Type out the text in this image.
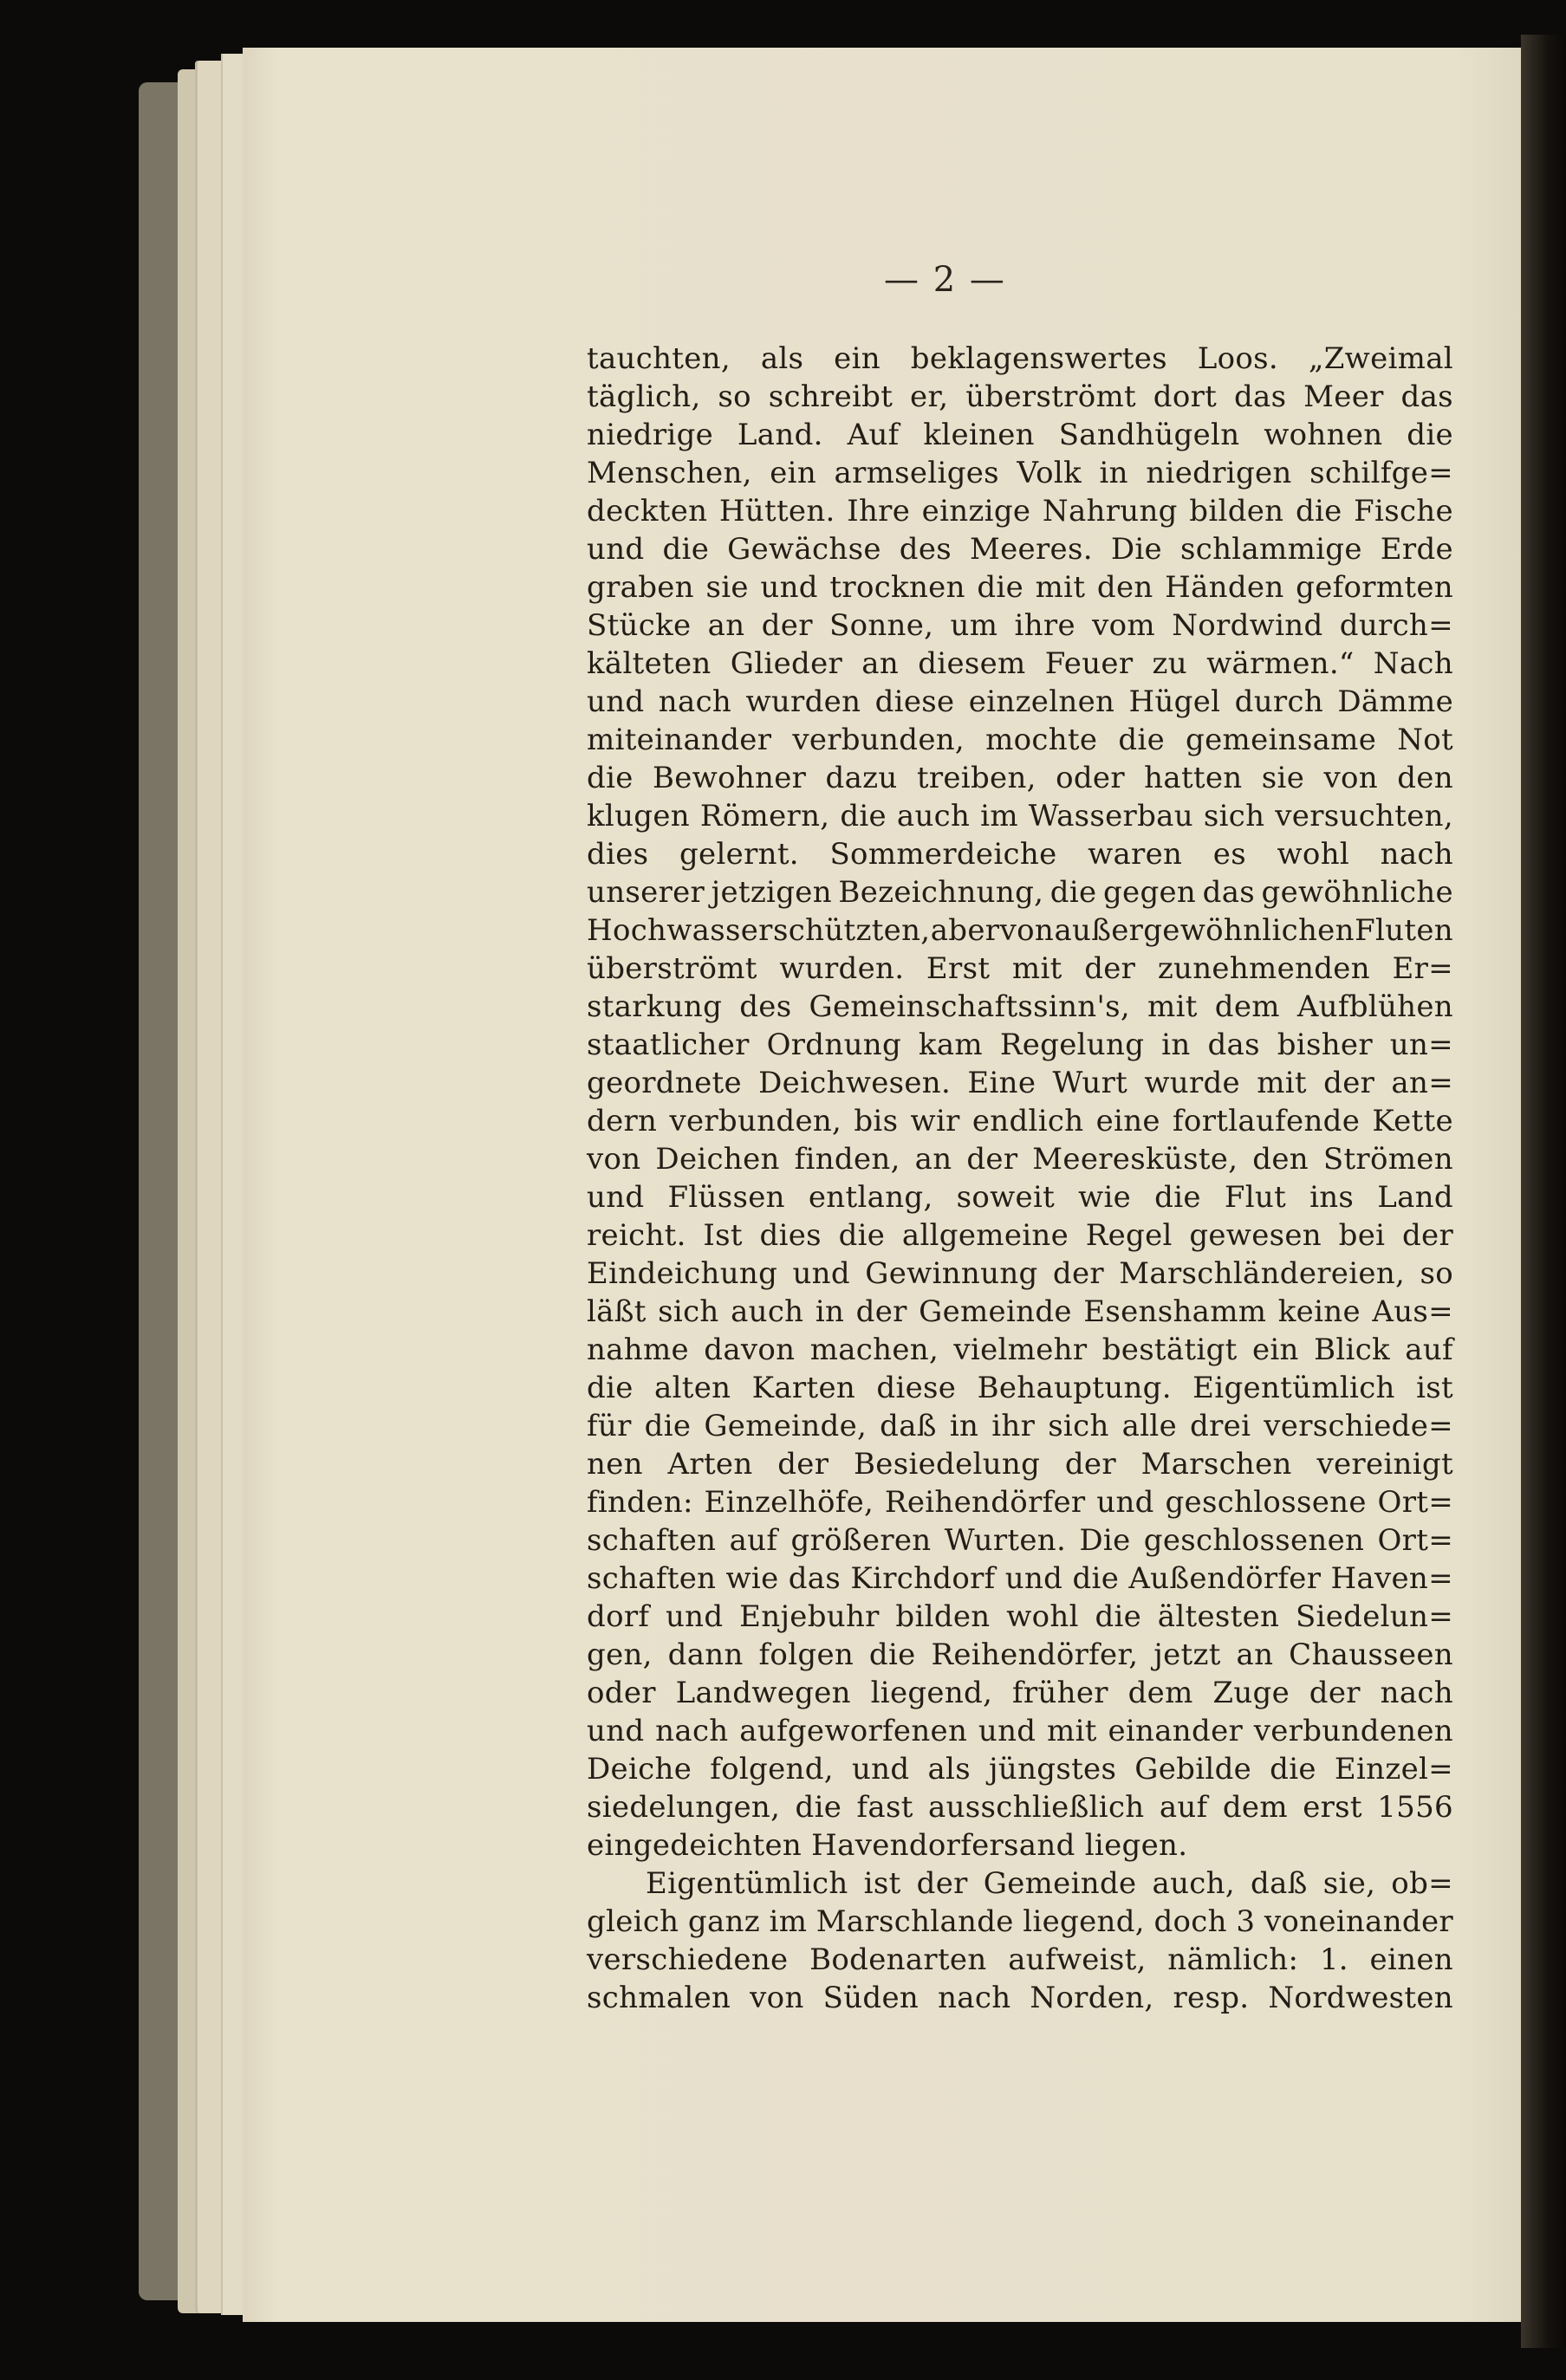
— 2 —
tauchten, als ein beklagenswertes Loos. „Zweimal
täglich, so schreibt er, überströmt dort das Meer das
niedrige Land. Auf kleinen Sandhügeln wohnen die
Menschen, ein armseliges Volk in niedrigen schilfge=
deckten Hütten. Ihre einzige Nahrung bilden die Fische
und die Gewächse des Meeres. Die schlammige Erde
graben sie und trocknen die mit den Händen geformten
Stücke an der Sonne, um ihre vom Nordwind durch=
kälteten Glieder an diesem Feuer zu wärmen.“ Nach
und nach wurden diese einzelnen Hügel durch Dämme
miteinander verbunden, mochte die gemeinsame Not
die Bewohner dazu treiben, oder hatten sie von den
klugen Römern, die auch im Wasserbau sich versuchten,
dies gelernt. Sommerdeiche waren es wohl nach
unserer jetzigen Bezeichnung, die gegen das gewöhnliche
Hochwasser schützten, aber von außergewöhnlichen Fluten
überströmt wurden. Erst mit der zunehmenden Er=
starkung des Gemeinschaftssinn's, mit dem Aufblühen
staatlicher Ordnung kam Regelung in das bisher un=
geordnete Deichwesen. Eine Wurt wurde mit der an=
dern verbunden, bis wir endlich eine fortlaufende Kette
von Deichen finden, an der Meeresküste, den Strömen
und Flüssen entlang, soweit wie die Flut ins Land
reicht. Ist dies die allgemeine Regel gewesen bei der
Eindeichung und Gewinnung der Marschländereien, so
läßt sich auch in der Gemeinde Esenshamm keine Aus=
nahme davon machen, vielmehr bestätigt ein Blick auf
die alten Karten diese Behauptung. Eigentümlich ist
für die Gemeinde, daß in ihr sich alle drei verschiede=
nen Arten der Besiedelung der Marschen vereinigt
finden: Einzelhöfe, Reihendörfer und geschlossene Ort=
schaften auf größeren Wurten. Die geschlossenen Ort=
schaften wie das Kirchdorf und die Außendörfer Haven=
dorf und Enjebuhr bilden wohl die ältesten Siedelun=
gen, dann folgen die Reihendörfer, jetzt an Chausseen
oder Landwegen liegend, früher dem Zuge der nach
und nach aufgeworfenen und mit einander verbundenen
Deiche folgend, und als jüngstes Gebilde die Einzel=
siedelungen, die fast ausschließlich auf dem erst 1556
eingedeichten Havendorfersand liegen.
Eigentümlich ist der Gemeinde auch, daß sie, ob=
gleich ganz im Marschlande liegend, doch 3 voneinander
verschiedene Bodenarten aufweist, nämlich: 1. einen
schmalen von Süden nach Norden, resp. Nordwesten
